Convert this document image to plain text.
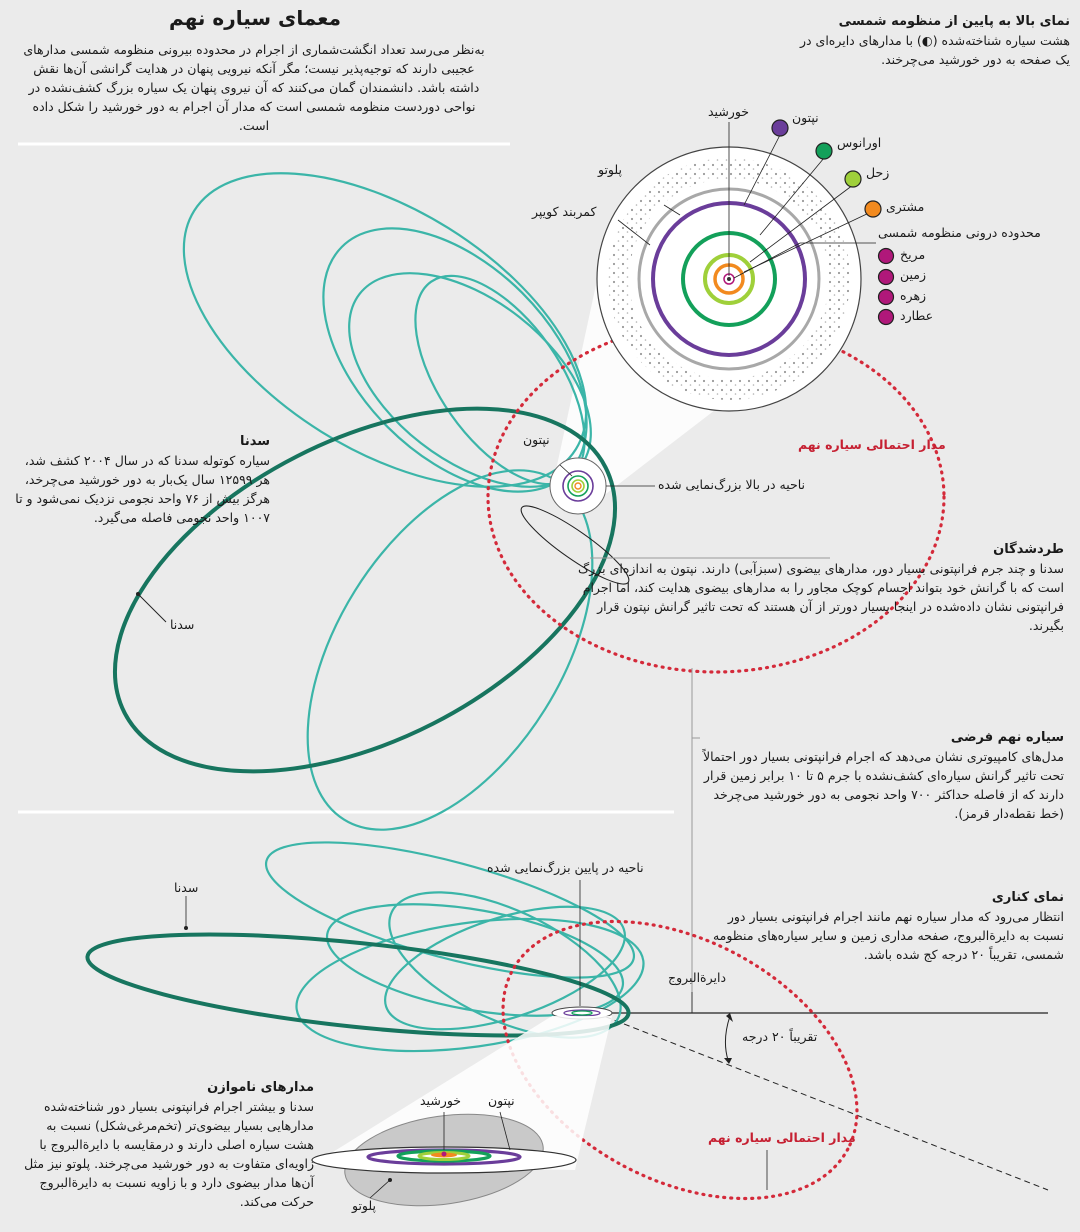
معمای سیاره نهم
به‌نظر می‌رسد تعداد انگشت‌شماری از اجرام در محدوده بیرونی منظومه شمسی مدارهای عجیبی دارند که توجیه‌پذیر نیست؛ مگر آنکه نیرویی پنهان در هدایت گرانشی آن‌ها نقش داشته باشد. دانشمندان گمان می‌کنند که آن نیروی پنهان یک سیاره بزرگ کشف‌نشده در نواحی دوردست منظومه شمسی است که مدار آن اجرام به دور خورشید را شکل داده است.
نمای بالا به پایین از منظومه شمسی
هشت سیاره شناخته‌شده (◐) با مدارهای دایره‌ای در یک صفحه به دور خورشید می‌چرخند.
خورشید	نپتون
اورانوس
زحل
مشتری
محدوده درونی منظومه شمسی
مریخ
زمین
زهره
عطارد
پلوتو
کمربند کویپر
نپتون
ناحیه در بالا بزرگ‌نمایی شده
مدار احتمالی سیاره نهم
سدنا
سدنا
سیاره کوتوله سدنا که در سال ۲۰۰۴ کشف شد، هر ۱۲۵۹۹ سال یک‌بار به دور خورشید می‌چرخد، هرگز بیش از ۷۶ واحد نجومی نزدیک نمی‌شود و تا ۱۰۰۷ واحد نجومی فاصله می‌گیرد.
طردشدگان
سدنا و چند جرم فرانپتونی بسیار دور، مدارهای بیضوی (سبزآبی) دارند. نپتون به اندازه‌ای بزرگ است که با گرانش خود بتواند اجسام کوچک مجاور را به مدارهای بیضوی هدایت کند، اما اجرام فرانپتونی نشان داده‌شده در اینجا بسیار دورتر از آن هستند که تحت تاثیر گرانش نپتون قرار بگیرند.
سیاره نهم فرضی
مدل‌های کامپیوتری نشان می‌دهد که اجرام فرانپتونی بسیار دور احتمالاً تحت تاثیر گرانش سیاره‌ای کشف‌نشده با جرم ۵ تا ۱۰ برابر زمین قرار دارند که از فاصله حداکثر ۷۰۰ واحد نجومی به دور خورشید می‌چرخد (خط نقطه‌دار قرمز).
نمای کناری
انتظار می‌رود که مدار سیاره نهم مانند اجرام فرانپتونی بسیار دور نسبت به دایرةالبروج، صفحه مداری زمین و سایر سیاره‌های منظومه شمسی، تقریباً ۲۰ درجه کج شده باشد.
سدنا
ناحیه در پایین بزرگ‌نمایی شده
دایرةالبروج
تقریباً ۲۰ درجه
مدار احتمالی سیاره نهم
مدارهای ناموازن
سدنا و بیشتر اجرام فرانپتونی بسیار دور شناخته‌شده مدارهایی بسیار بیضوی‌تر (تخم‌مرغی‌شکل) نسبت به هشت سیاره اصلی دارند و درمقایسه با دایرةالبروج با زاویه‌ای متفاوت به دور خورشید می‌چرخند. پلوتو نیز مثل آن‌ها مدار بیضوی دارد و با زاویه نسبت به دایرةالبروج حرکت می‌کند.
خورشید نپتون
پلوتو
